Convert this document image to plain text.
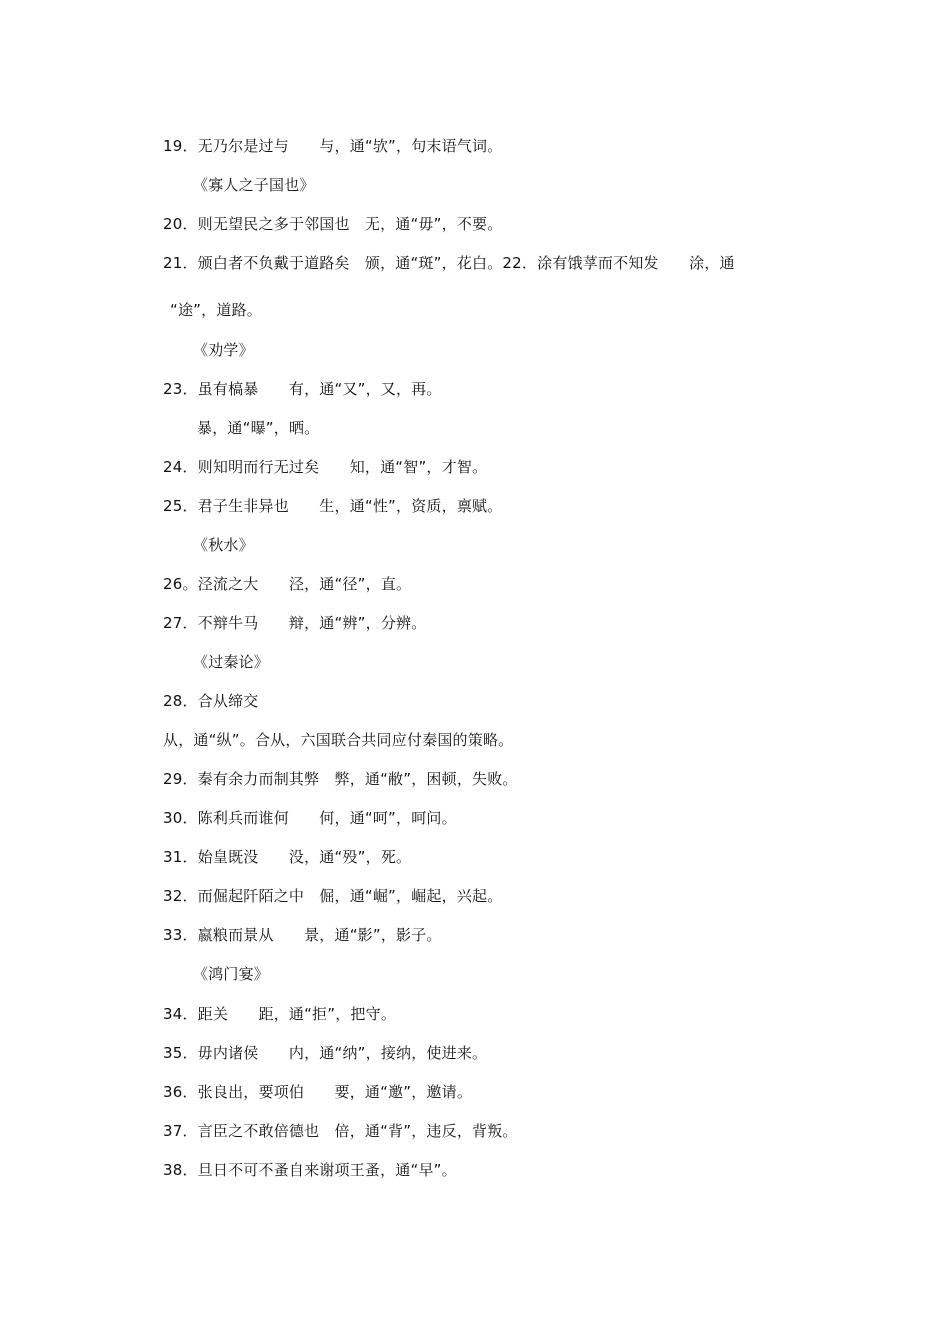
19．无乃尔是过与　　与，通“欤”，句末语气词。
《寡人之子国也》
20．则无望民之多于邻国也　无，通“毋”，不要。
21．颁白者不负戴于道路矣　颁，通“斑”，花白。22．涂有饿莩而不知发　　涂，通
“途”，道路。
《劝学》
23．虽有槁暴　　有，通“又”，又，再。
暴，通“曝”，晒。
24．则知明而行无过矣　　知，通“智”，才智。
25．君子生非异也　　生，通“性”，资质，禀赋。
《秋水》
26。泾流之大　　泾，通“径”，直。
27．不辩牛马　　辩，通“辨”，分辨。
《过秦论》
28．合从缔交
从，通“纵”。合从，六国联合共同应付秦国的策略。
29．秦有余力而制其弊　弊，通“敝”，困顿，失败。
30．陈利兵而谁何　　何，通“呵”，呵问。
31．始皇既没　　没，通“殁”，死。
32．而倔起阡陌之中　倔，通“崛”，崛起，兴起。
33．嬴粮而景从　　景，通“影”，影子。
《鸿门宴》
34．距关　　距，通“拒”，把守。
35．毋内诸侯　　内，通“纳”，接纳，使进来。
36．张良出，要项伯　　要，通“邀”，邀请。
37．言臣之不敢倍德也　倍，通“背”，违反，背叛。
38．旦日不可不蚤自来谢项王蚤，通“早”。
